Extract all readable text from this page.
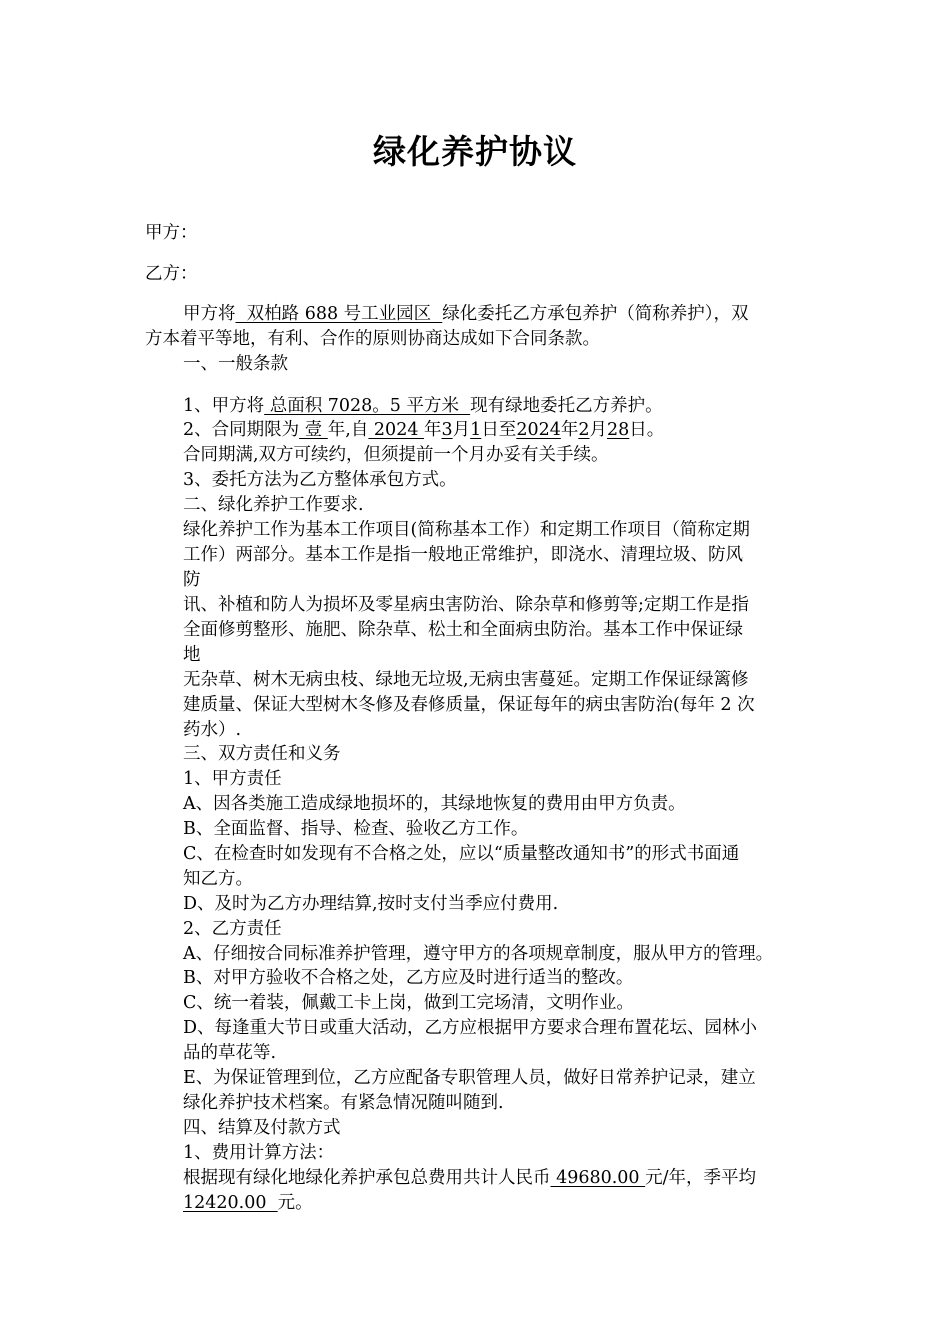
绿化养护协议
甲方：
乙方：
甲方将  双柏路 688 号工业园区  绿化委托乙方承包养护（简称养护），双
方本着平等地，有利、合作的原则协商达成如下合同条款。
一、一般条款
1、甲方将 总面积 7028。5 平方米  现有绿地委托乙方养护。
2、合同期限为 壹 年,自 2024 年3月1日至2024年2月28日。
合同期满,双方可续约，但须提前一个月办妥有关手续。
3、委托方法为乙方整体承包方式。
二、绿化养护工作要求.
绿化养护工作为基本工作项目(简称基本工作）和定期工作项目（简称定期
工作）两部分。基本工作是指一般地正常维护，即浇水、清理垃圾、防风
防
讯、补植和防人为损坏及零星病虫害防治、除杂草和修剪等;定期工作是指
全面修剪整形、施肥、除杂草、松土和全面病虫防治。基本工作中保证绿
地
无杂草、树木无病虫枝、绿地无垃圾,无病虫害蔓延。定期工作保证绿篱修
建质量、保证大型树木冬修及春修质量，保证每年的病虫害防治(每年 2 次
药水）.
三、双方责任和义务
1、甲方责任
A、因各类施工造成绿地损坏的，其绿地恢复的费用由甲方负责。
B、全面监督、指导、检查、验收乙方工作。
C、在检查时如发现有不合格之处，应以“质量整改通知书”的形式书面通
知乙方。
D、及时为乙方办理结算,按时支付当季应付费用.
2、乙方责任
A、仔细按合同标准养护管理，遵守甲方的各项规章制度，服从甲方的管理。
B、对甲方验收不合格之处，乙方应及时进行适当的整改。
C、统一着装，佩戴工卡上岗，做到工完场清，文明作业。
D、每逢重大节日或重大活动，乙方应根据甲方要求合理布置花坛、园林小
品的草花等.
E、为保证管理到位，乙方应配备专职管理人员，做好日常养护记录，建立
绿化养护技术档案。有紧急情况随叫随到.
四、结算及付款方式
1、费用计算方法：
根据现有绿化地绿化养护承包总费用共计人民币 49680.00 元/年，季平均
12420.00  元。
